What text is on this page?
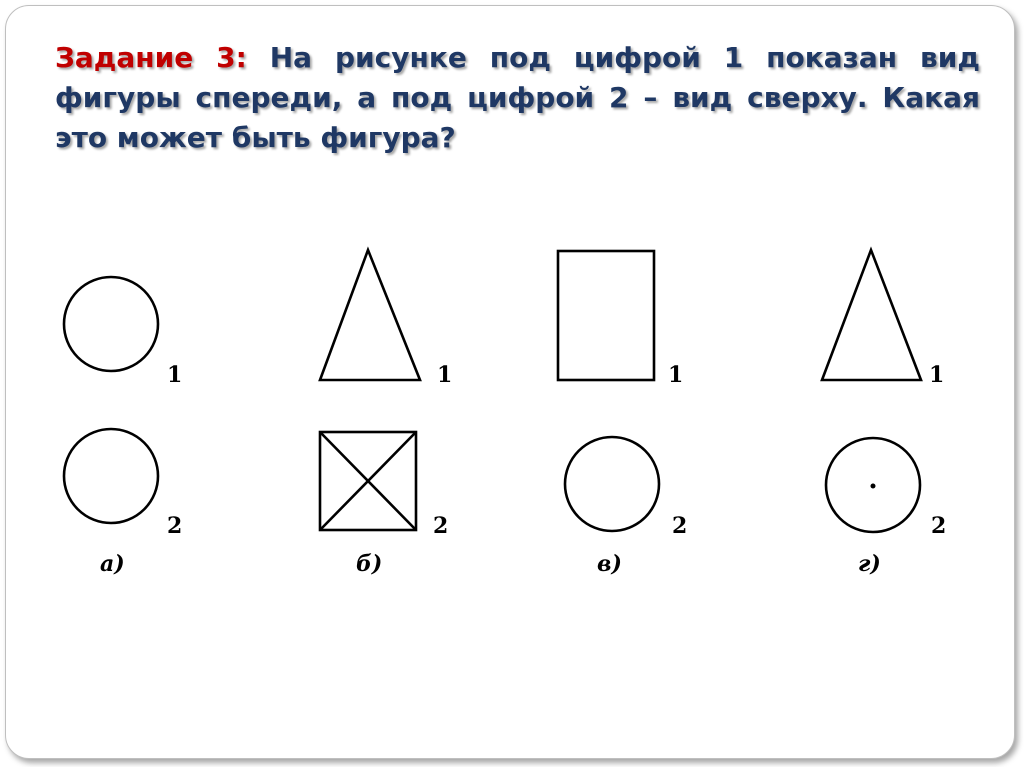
Задание 3: На рисунке под цифрой 1 показан вид фигуры спереди, а под цифрой 2 – вид сверху. Какая это может быть фигура?

1
2
а)
1
2
б)
1
2
в)
1
2
г)
